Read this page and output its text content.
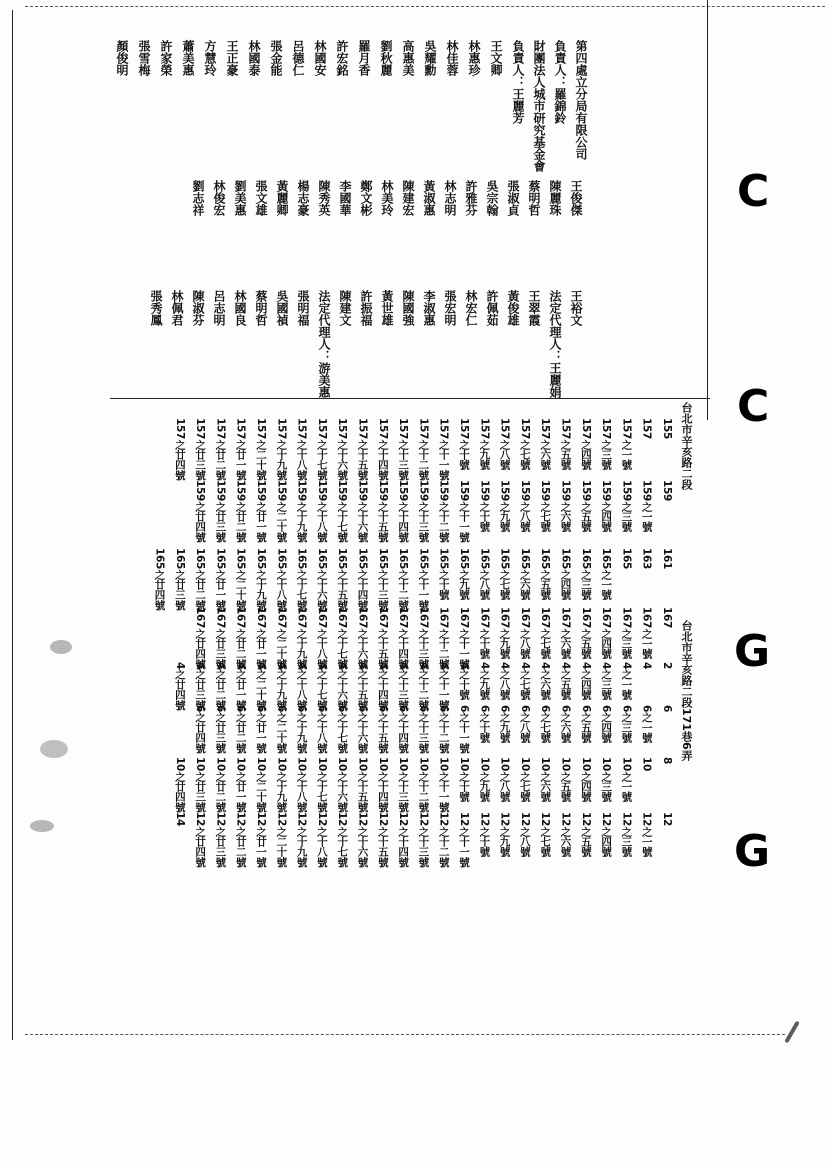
C
C
G
G
第四處立分局有限公司
負責人：羅錦鈴
財團法人城市研究基金會
負責人：王麗芳
王文卿
林惠珍
林佳蓉
吳耀勳
高惠美
劉秋麗
羅月香
許宏銘
林國安
呂德仁
張金能
林國泰
王正豪
方慧玲
蕭美惠
許家榮
張雪梅
顏俊明
王俊傑
陳麗珠
蔡明哲
張淑貞
吳宗翰
許雅芬
林志明
黃淑惠
陳建宏
林美玲
鄭文彬
李國華
陳秀英
楊志豪
黃麗卿
張文雄
劉美惠
林俊宏
劉志祥
王裕文
法定代理人：王麗娟
王翠霞
黃俊雄
許佩茹
林宏仁
張宏明
李淑惠
陳國強
黃世雄
許振福
陳建文
法定代理人：游美惠
張明福
吳國禎
蔡明哲
林國良
呂志明
陳淑芬
林佩君
張秀鳳
台北市辛亥路二段
台北市辛亥路二段171巷6弄
155
159
161
157
159之一號
163
157之一號
159之三號
165
157之三號
159之四號
165之一號
157之四號
159之五號
165之三號
157之五號
159之六號
165之四號
157之六號
159之七號
165之五號
157之七號
159之八號
165之六號
157之八號
159之九號
165之七號
157之九號
159之十號
165之八號
157之十號
159之十一號
165之九號
157之十一號
159之十二號
165之十號
157之十二號
159之十三號
165之十一號
157之十三號
159之十四號
165之十二號
157之十四號
159之十五號
165之十三號
157之十五號
159之十六號
165之十四號
157之十六號
159之十七號
165之十五號
157之十七號
159之十八號
165之十六號
157之十八號
159之十九號
165之十七號
157之十九號
159之二十號
165之十八號
157之二十號
159之廿一號
165之十九號
157之廿一號
159之廿二號
165之二十號
157之廿二號
159之廿三號
165之廿一號
157之廿三號
159之廿四號
165之廿二號
157之廿四號
165之廿三號
165之廿四號
167
2
6
8
12
167之一號
4
6之一號
10
12之一號
167之三號
4之一號
6之三號
10之一號
12之三號
167之四號
4之三號
6之四號
10之三號
12之四號
167之五號
4之四號
6之五號
10之四號
12之五號
167之六號
4之五號
6之六號
10之五號
12之六號
167之七號
4之六號
6之七號
10之六號
12之七號
167之八號
4之七號
6之八號
10之七號
12之八號
167之九號
4之八號
6之九號
10之八號
12之九號
167之十號
4之九號
6之十號
10之九號
12之十號
167之十一號
4之十號
6之十一號
10之十號
12之十一號
167之十二號
4之十一號
6之十二號
10之十一號
12之十二號
167之十三號
4之十二號
6之十三號
10之十二號
12之十三號
167之十四號
4之十三號
6之十四號
10之十三號
12之十四號
167之十五號
4之十四號
6之十五號
10之十四號
12之十五號
167之十六號
4之十五號
6之十六號
10之十五號
12之十六號
167之十七號
4之十六號
6之十七號
10之十六號
12之十七號
167之十八號
4之十七號
6之十八號
10之十七號
12之十八號
167之十九號
4之十八號
6之十九號
10之十八號
12之十九號
167之二十號
4之十九號
6之二十號
10之十九號
12之二十號
167之廿一號
4之二十號
6之廿一號
10之二十號
12之廿一號
167之廿二號
4之廿一號
6之廿二號
10之廿一號
12之廿二號
167之廿三號
4之廿二號
6之廿三號
10之廿二號
12之廿三號
167之廿四號
4之廿三號
6之廿四號
10之廿三號
12之廿四號
4之廿四號
10之廿四號
14
